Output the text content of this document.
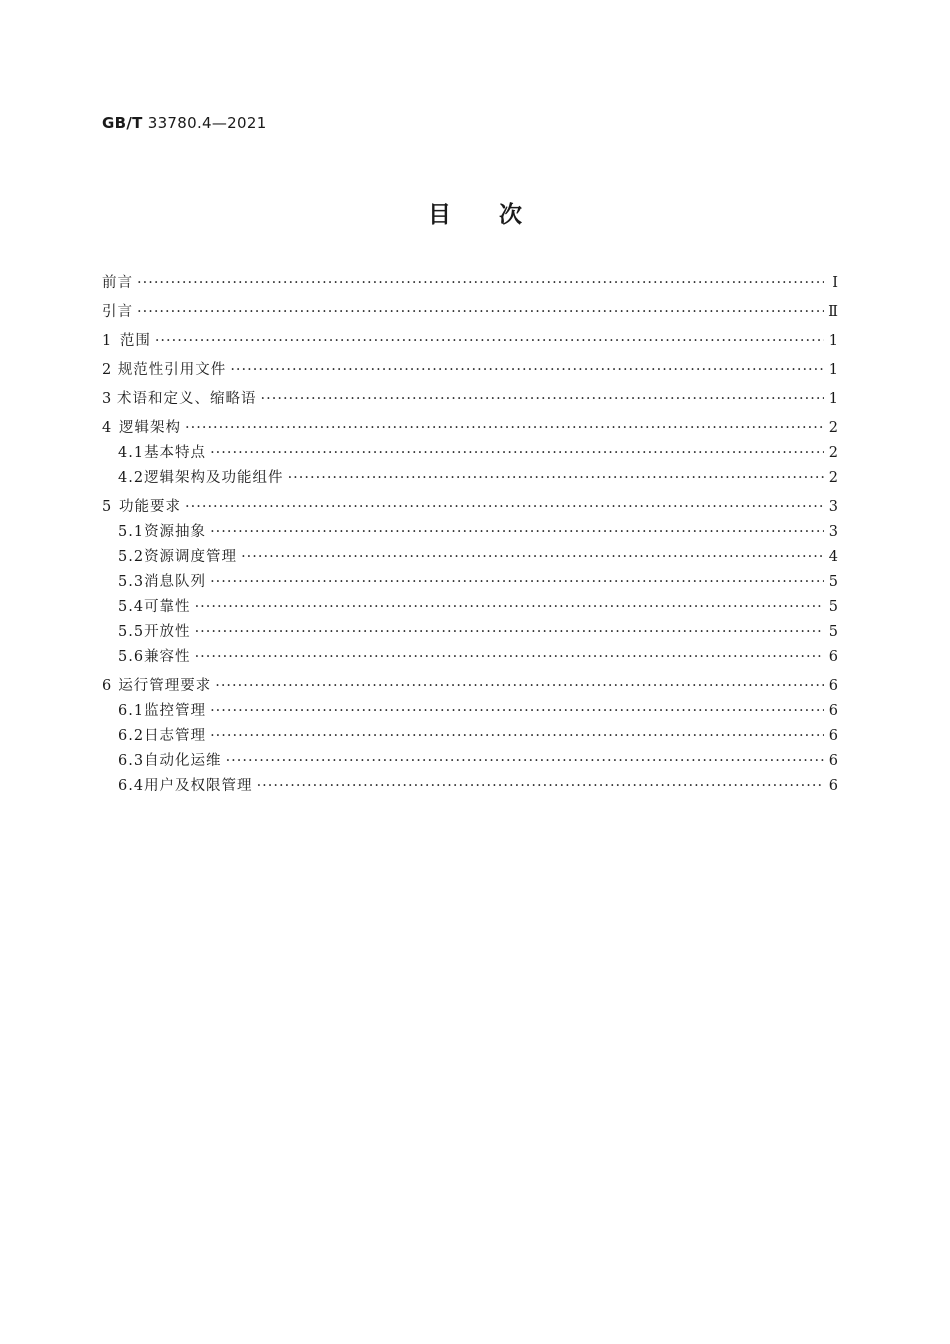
GB/T 33780.4—2021
目次
前言 ·····	Ⅰ
引言 ·····	Ⅱ
1 范围 ·····	1
2 规范性引用文件 ·····	1
3 术语和定义、缩略语 ·····	1
4 逻辑架构 ·····	2
4.1 基本特点 ·····	2
4.2 逻辑架构及功能组件 ·····	2
5 功能要求 ·····	3
5.1 资源抽象 ·····	3
5.2 资源调度管理 ·····	4
5.3 消息队列 ·····	5
5.4 可靠性 ·····	5
5.5 开放性 ·····	5
5.6 兼容性 ·····	6
6 运行管理要求 ·····	6
6.1 监控管理 ·····	6
6.2 日志管理 ·····	6
6.3 自动化运维 ·····	6
6.4 用户及权限管理 ·····	6
